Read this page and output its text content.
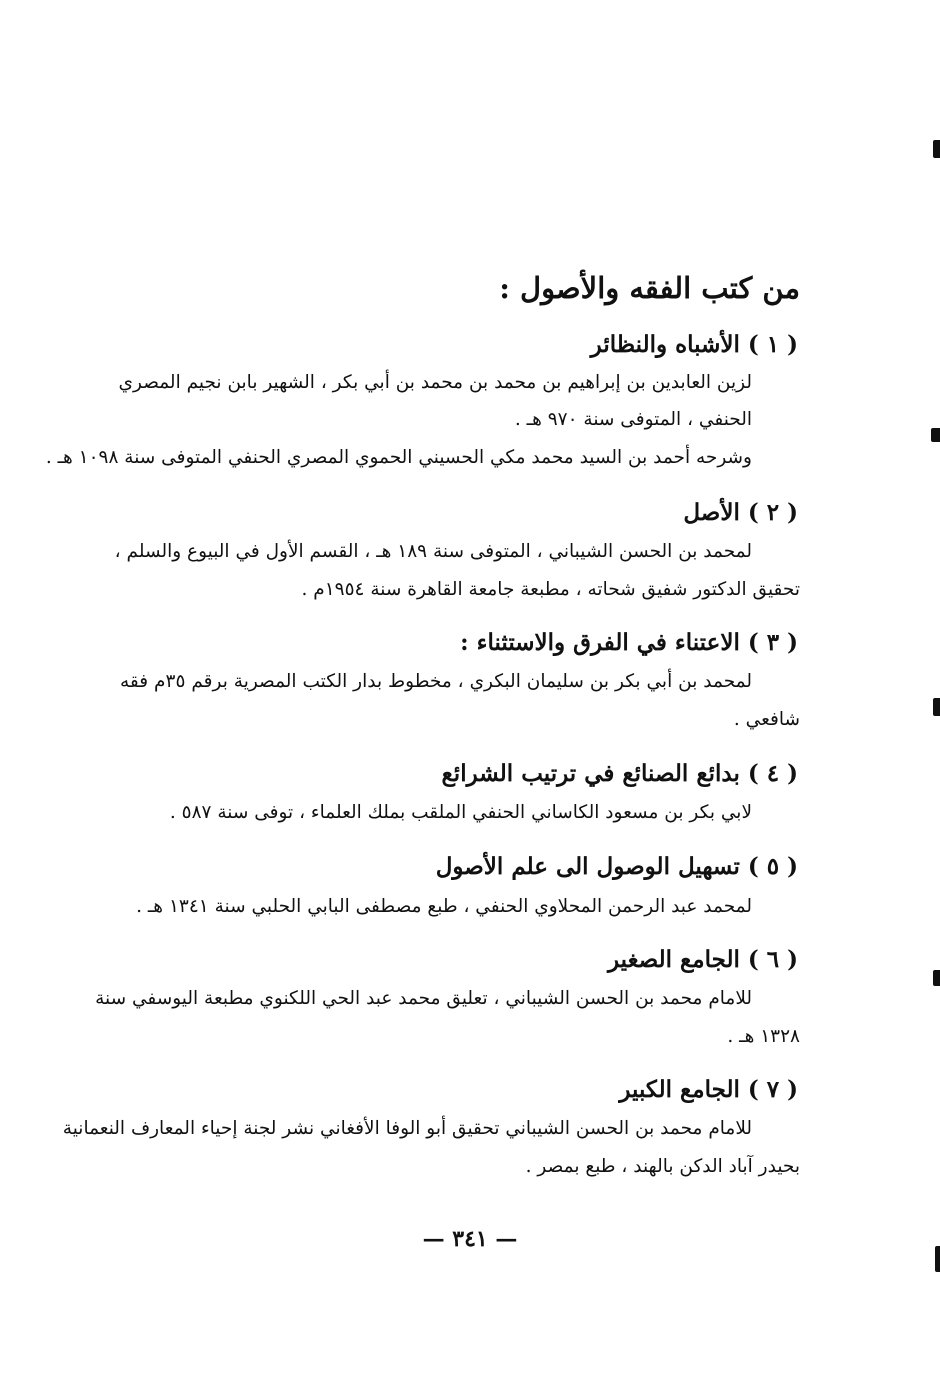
من كتب الفقه والأصول :
( ١ ) الأشباه والنظائر
لزين العابدين بن إبراهيم بن محمد بن محمد بن أبي بكر ، الشهير بابن نجيم المصري
الحنفي ، المتوفى سنة ٩٧٠ هـ .
وشرحه أحمد بن السيد محمد مكي الحسيني الحموي المصري الحنفي المتوفى سنة ١٠٩٨ هـ .
( ٢ ) الأصل
لمحمد بن الحسن الشيباني ، المتوفى سنة ١٨٩ هـ ، القسم الأول في البيوع والسلم ،
تحقيق الدكتور شفيق شحاته ، مطبعة جامعة القاهرة سنة ١٩٥٤م .
( ٣ ) الاعتناء في الفرق والاستثناء :
لمحمد بن أبي بكر بن سليمان البكري ، مخطوط بدار الكتب المصرية برقم ٣٥م فقه
شافعي .
( ٤ ) بدائع الصنائع في ترتيب الشرائع
لابي بكر بن مسعود الكاساني الحنفي الملقب بملك العلماء ، توفى سنة ٥٨٧ .
( ٥ ) تسهيل الوصول الى علم الأصول
لمحمد عبد الرحمن المحلاوي الحنفي ، طبع مصطفى البابي الحلبي سنة ١٣٤١ هـ .
( ٦ ) الجامع الصغير
للامام محمد بن الحسن الشيباني ، تعليق محمد عبد الحي اللكنوي مطبعة اليوسفي سنة
١٣٢٨ هـ .
( ٧ ) الجامع الكبير
للامام محمد بن الحسن الشيباني تحقيق أبو الوفا الأفغاني نشر لجنة إحياء المعارف النعمانية
بحيدر آباد الدكن بالهند ، طبع بمصر .
— ٣٤١ —
